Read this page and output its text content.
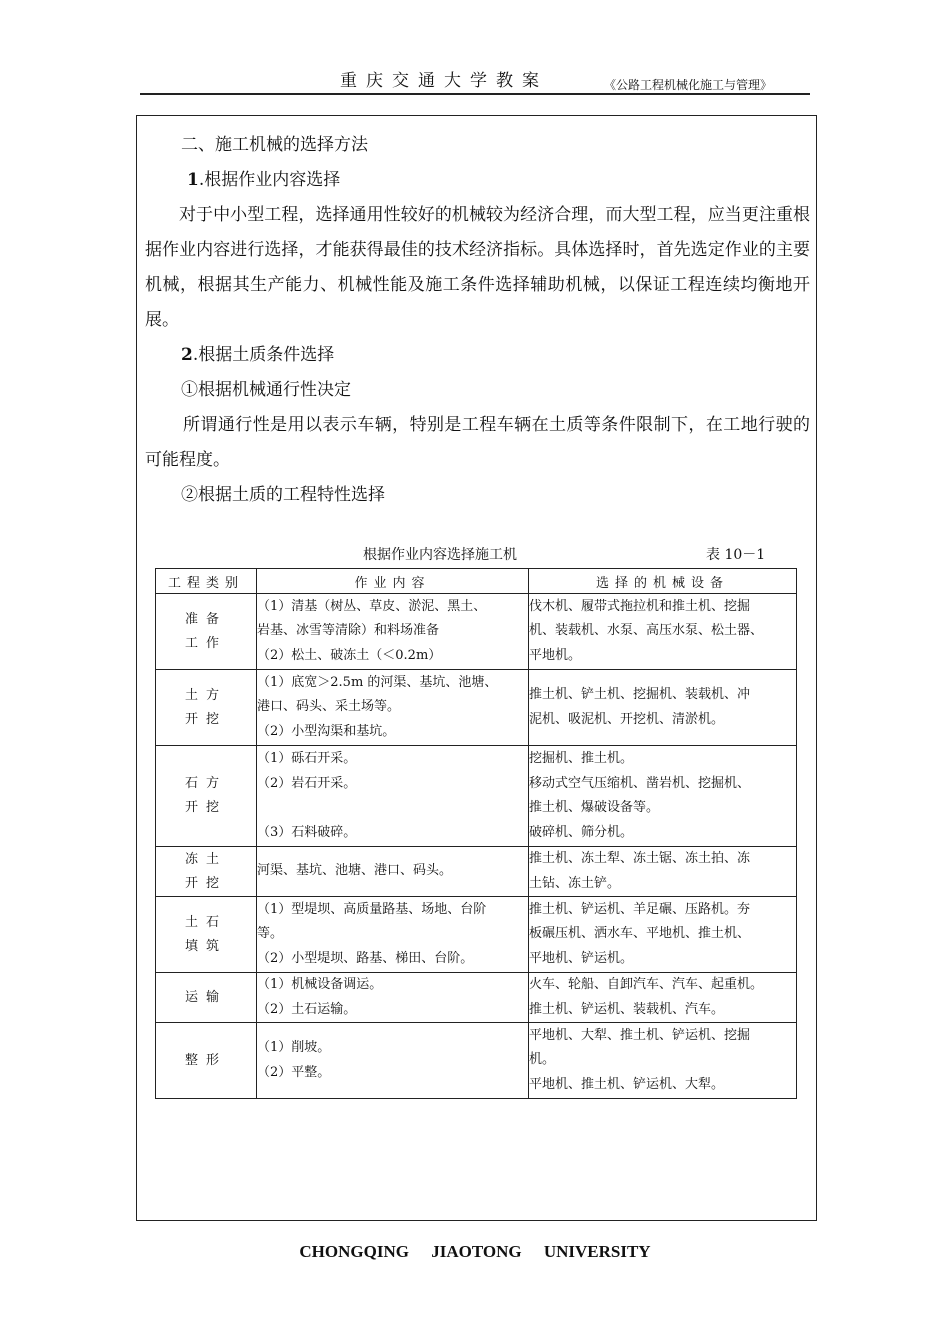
重庆交通大学教案	《公路工程机械化施工与管理》

二、施工机械的选择方法

1.根据作业内容选择

对于中小型工程，选择通用性较好的机械较为经济合理，而大型工程，应当更注重根据作业内容进行选择，才能获得最佳的技术经济指标。具体选择时，首先选定作业的主要机械，根据其生产能力、机械性能及施工条件选择辅助机械，以保证工程连续均衡地开展。

2.根据土质条件选择

①根据机械通行性决定

所谓通行性是用以表示车辆，特别是工程车辆在土质等条件限制下，在工地行驶的可能程度。

②根据土质的工程特性选择

根据作业内容选择施工机	表 10－1
工程类别	作业内容	选择的机械设备

准备
工作	（1）清基（树丛、草皮、淤泥、黑土、
岩基、冰雪等清除）和料场准备
（2）松土、破冻土（＜0.2m）	伐木机、履带式拖拉机和推土机、挖掘
机、装载机、水泵、高压水泵、松土器、
平地机。

土方
开挖	（1）底宽＞2.5m 的河渠、基坑、池塘、
港口、码头、采土场等。
（2）小型沟渠和基坑。	推土机、铲土机、挖掘机、装载机、冲
泥机、吸泥机、开挖机、清淤机。

石方
开挖	（1）砾石开采。
（2）岩石开采。
（3）石料破碎。	挖掘机、推土机。
移动式空气压缩机、凿岩机、挖掘机、
推土机、爆破设备等。
破碎机、筛分机。

冻土
开挖	河渠、基坑、池塘、港口、码头。	推土机、冻土犁、冻土锯、冻土拍、冻
土钻、冻土铲。

土石
填筑	（1）型堤坝、高质量路基、场地、台阶
等。
（2）小型堤坝、路基、梯田、台阶。	推土机、铲运机、羊足碾、压路机。夯
板碾压机、洒水车、平地机、推土机、
平地机、铲运机。

运输	（1）机械设备调运。
（2）土石运输。	火车、轮船、自卸汽车、汽车、起重机。
推土机、铲运机、装载机、汽车。

整形	（1）削坡。
（2）平整。	平地机、大犁、推土机、铲运机、挖掘
机。
平地机、推土机、铲运机、大犁。
CHONGQING JIAOTONG UNIVERSITY
